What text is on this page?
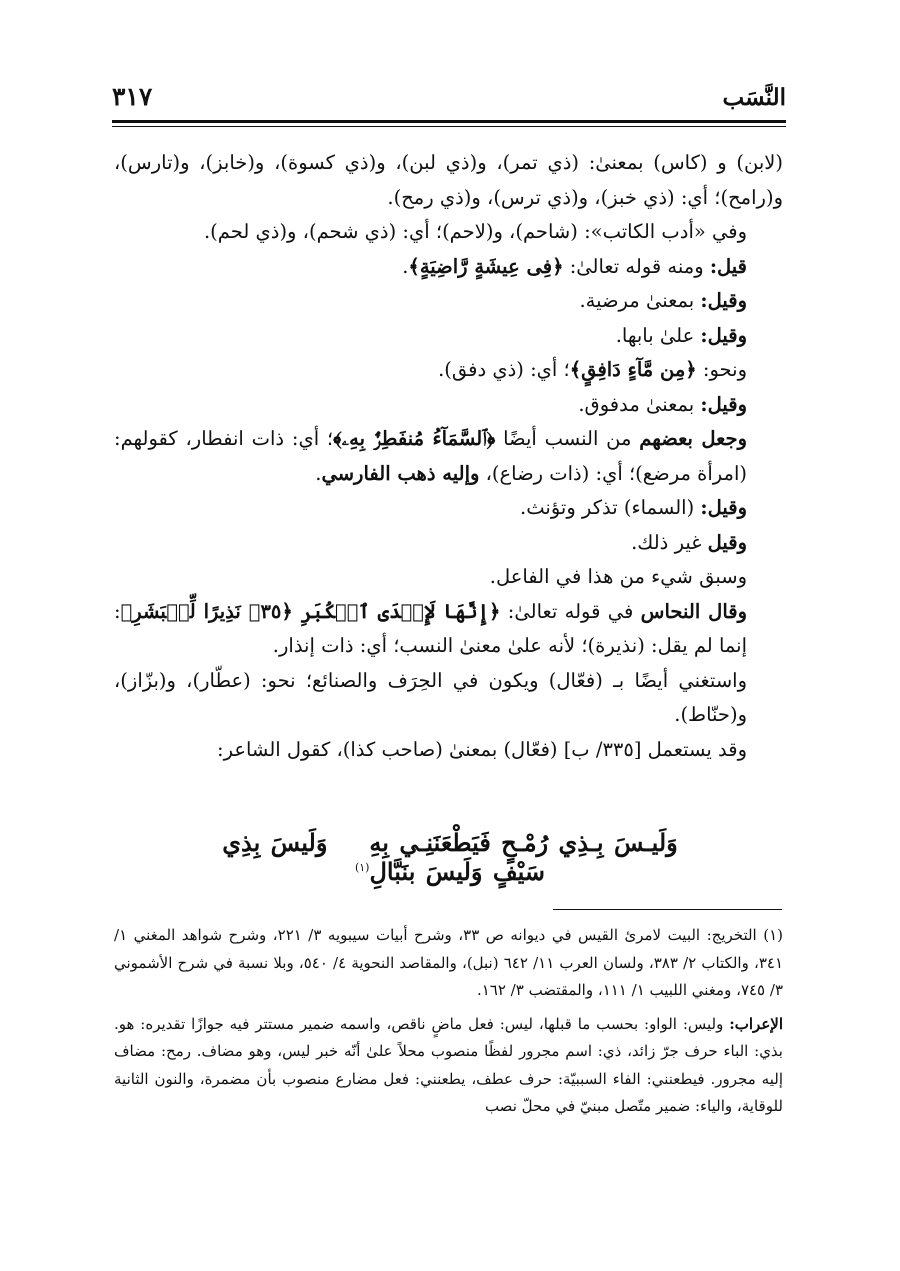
٣١٧	النَّسَب

(لابن) و (كاس) بمعنىٰ: (ذي تمر)، و(ذي لبن)، و(ذي كسوة)، و(خابز)، و(تارس)، و(رامح)؛ أي: (ذي خبز)، و(ذي ترس)، و(ذي رمح).

وفي «أدب الكاتب»: (شاحم)، و(لاحم)؛ أي: (ذي شحم)، و(ذي لحم).

قيل: ومنه قوله تعالىٰ: ﴿فِى عِيشَةٍ رَّاضِيَةٍ﴾.

وقيل: بمعنىٰ مرضية.

وقيل: علىٰ بابها.

ونحو: ﴿مِن مَّآءٍ دَافِقٍ﴾؛ أي: (ذي دفق).

وقيل: بمعنىٰ مدفوق.

وجعل بعضهم من النسب أيضًا ﴿ٱلسَّمَآءُ مُنفَطِرٌۢ بِهِۦ﴾؛ أي: ذات انفطار، كقولهم: (امرأة مرضع)؛ أي: (ذات رضاع)، وإليه ذهب الفارسي.

وقيل: (السماء) تذكر وتؤنث.

وقيل غير ذلك.

وسبق شيء من هذا في الفاعل.

وقال النحاس في قوله تعالىٰ: ﴿إِنَّهَا لَإِحۡدَى ٱلۡكُبَرِ ﴿٣٥﴾ نَذِيرًا لِّلۡبَشَرِ﴾: إنما لم يقل: (نذيرة)؛ لأنه علىٰ معنىٰ النسب؛ أي: ذات إنذار.

واستغني أيضًا بـ (فعّال) ويكون في الحِرَف والصنائع؛ نحو: (عطّار)، و(بزّاز)، و(حنّاط).

وقد يستعمل [٣٣٥/ ب] (فعّال) بمعنىٰ (صاحب كذا)، كقول الشاعر:

وَلَيـسَ بِـذِي رُمْـحٍ فَيَطْعَنَنِـي بِهِوَلَيسَ بِذِي سَيْفٍ وَلَيسَ بنَبَّالِ$^{(١)}$

(١) التخريج: البيت لامرئ القيس في ديوانه ص ٣٣، وشرح أبيات سيبويه ٣/ ٢٢١، وشرح شواهد المغني ١/ ٣٤١، والكتاب ٢/ ٣٨٣، ولسان العرب ١١/ ٦٤٢ (نبل)، والمقاصد النحوية ٤/ ٥٤٠، وبلا نسبة في شرح الأشموني ٣/ ٧٤٥، ومغني اللبيب ١/ ١١١، والمقتضب ٣/ ١٦٢.

الإعراب: وليس: الواو: بحسب ما قبلها، ليس: فعل ماضٍ ناقص، واسمه ضمير مستتر فيه جوازًا تقديره: هو. بذي: الباء حرف جرّ زائد، ذي: اسم مجرور لفظًا منصوب محلاً علىٰ أنّه خبر ليس، وهو مضاف. رمح: مضاف إليه مجرور. فيطعنني: الفاء السببيّة: حرف عطف، يطعنني: فعل مضارع منصوب بأن مضمرة، والنون الثانية للوقاية، والياء: ضمير متّصل مبنيّ في محلّ نصب
